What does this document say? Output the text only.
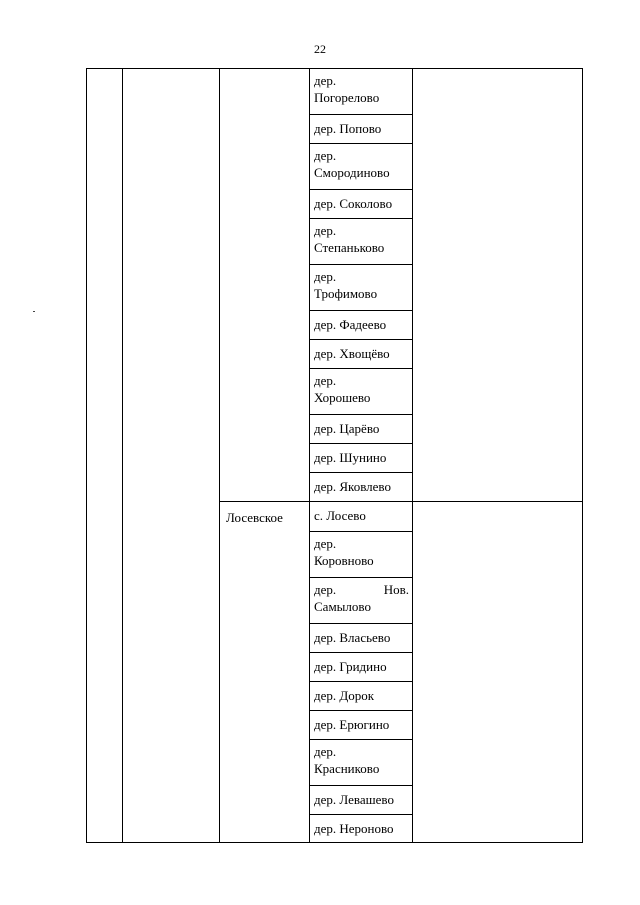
22

			дер.
Погорелово	

			дер. Попово	

			дер.
Смородиново	

			дер. Соколово	

			дер.
Степаньково	

			дер.
Трофимово	

			дер. Фадеево	

			дер. Хвощёво	

			дер.
Хорошево	

			дер. Царёво	

			дер. Шунино	

			дер. Яковлево	

		Лосевское	с. Лосево	

			дер.
Коровново	

			дер. Нов.
Самылово	

			дер. Власьево	

			дер. Гридино	

			дер. Дорок	

			дер. Ерюгино	

			дер.
Красниково	

			дер. Левашево	

			дер. Нероново	
